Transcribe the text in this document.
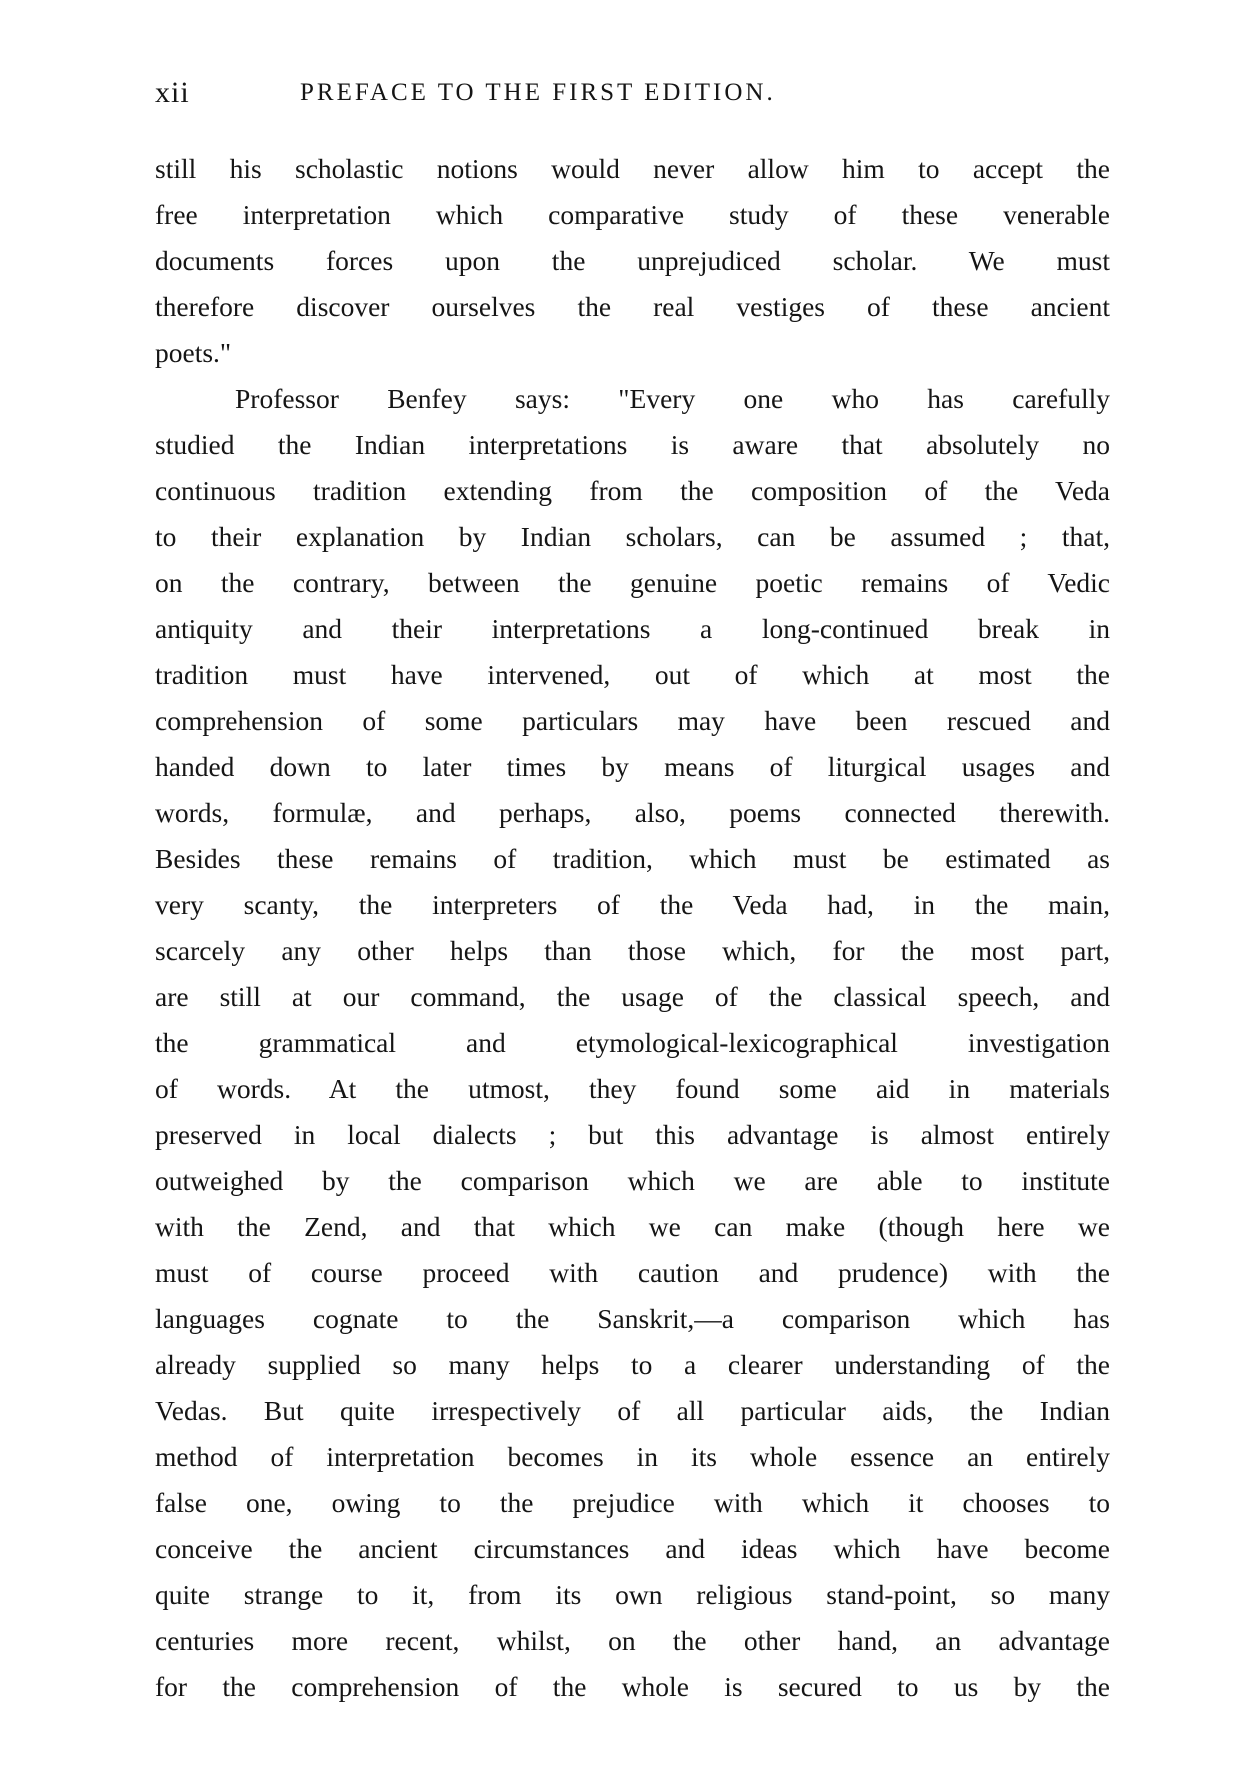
xii	PREFACE TO THE FIRST EDITION.

still his scholastic notions would never allow him to accept the
free interpretation which comparative study of these venerable
documents forces upon the unprejudiced scholar. We must
therefore discover ourselves the real vestiges of these ancient
poets."

Professor Benfey says: "Every one who has carefully
studied the Indian interpretations is aware that absolutely no
continuous tradition extending from the composition of the Veda
to their explanation by Indian scholars, can be assumed ; that,
on the contrary, between the genuine poetic remains of Vedic
antiquity and their interpretations a long-continued break in
tradition must have intervened, out of which at most the
comprehension of some particulars may have been rescued and
handed down to later times by means of liturgical usages and
words, formulæ, and perhaps, also, poems connected therewith.
Besides these remains of tradition, which must be estimated as
very scanty, the interpreters of the Veda had, in the main,
scarcely any other helps than those which, for the most part,
are still at our command, the usage of the classical speech, and
the grammatical and etymological-lexicographical investigation
of words. At the utmost, they found some aid in materials
preserved in local dialects ; but this advantage is almost entirely
outweighed by the comparison which we are able to institute
with the Zend, and that which we can make (though here we
must of course proceed with caution and prudence) with the
languages cognate to the Sanskrit,—a comparison which has
already supplied so many helps to a clearer understanding of the
Vedas. But quite irrespectively of all particular aids, the Indian
method of interpretation becomes in its whole essence an entirely
false one, owing to the prejudice with which it chooses to
conceive the ancient circumstances and ideas which have become
quite strange to it, from its own religious stand-point, so many
centuries more recent, whilst, on the other hand, an advantage
for the comprehension of the whole is secured to us by the
